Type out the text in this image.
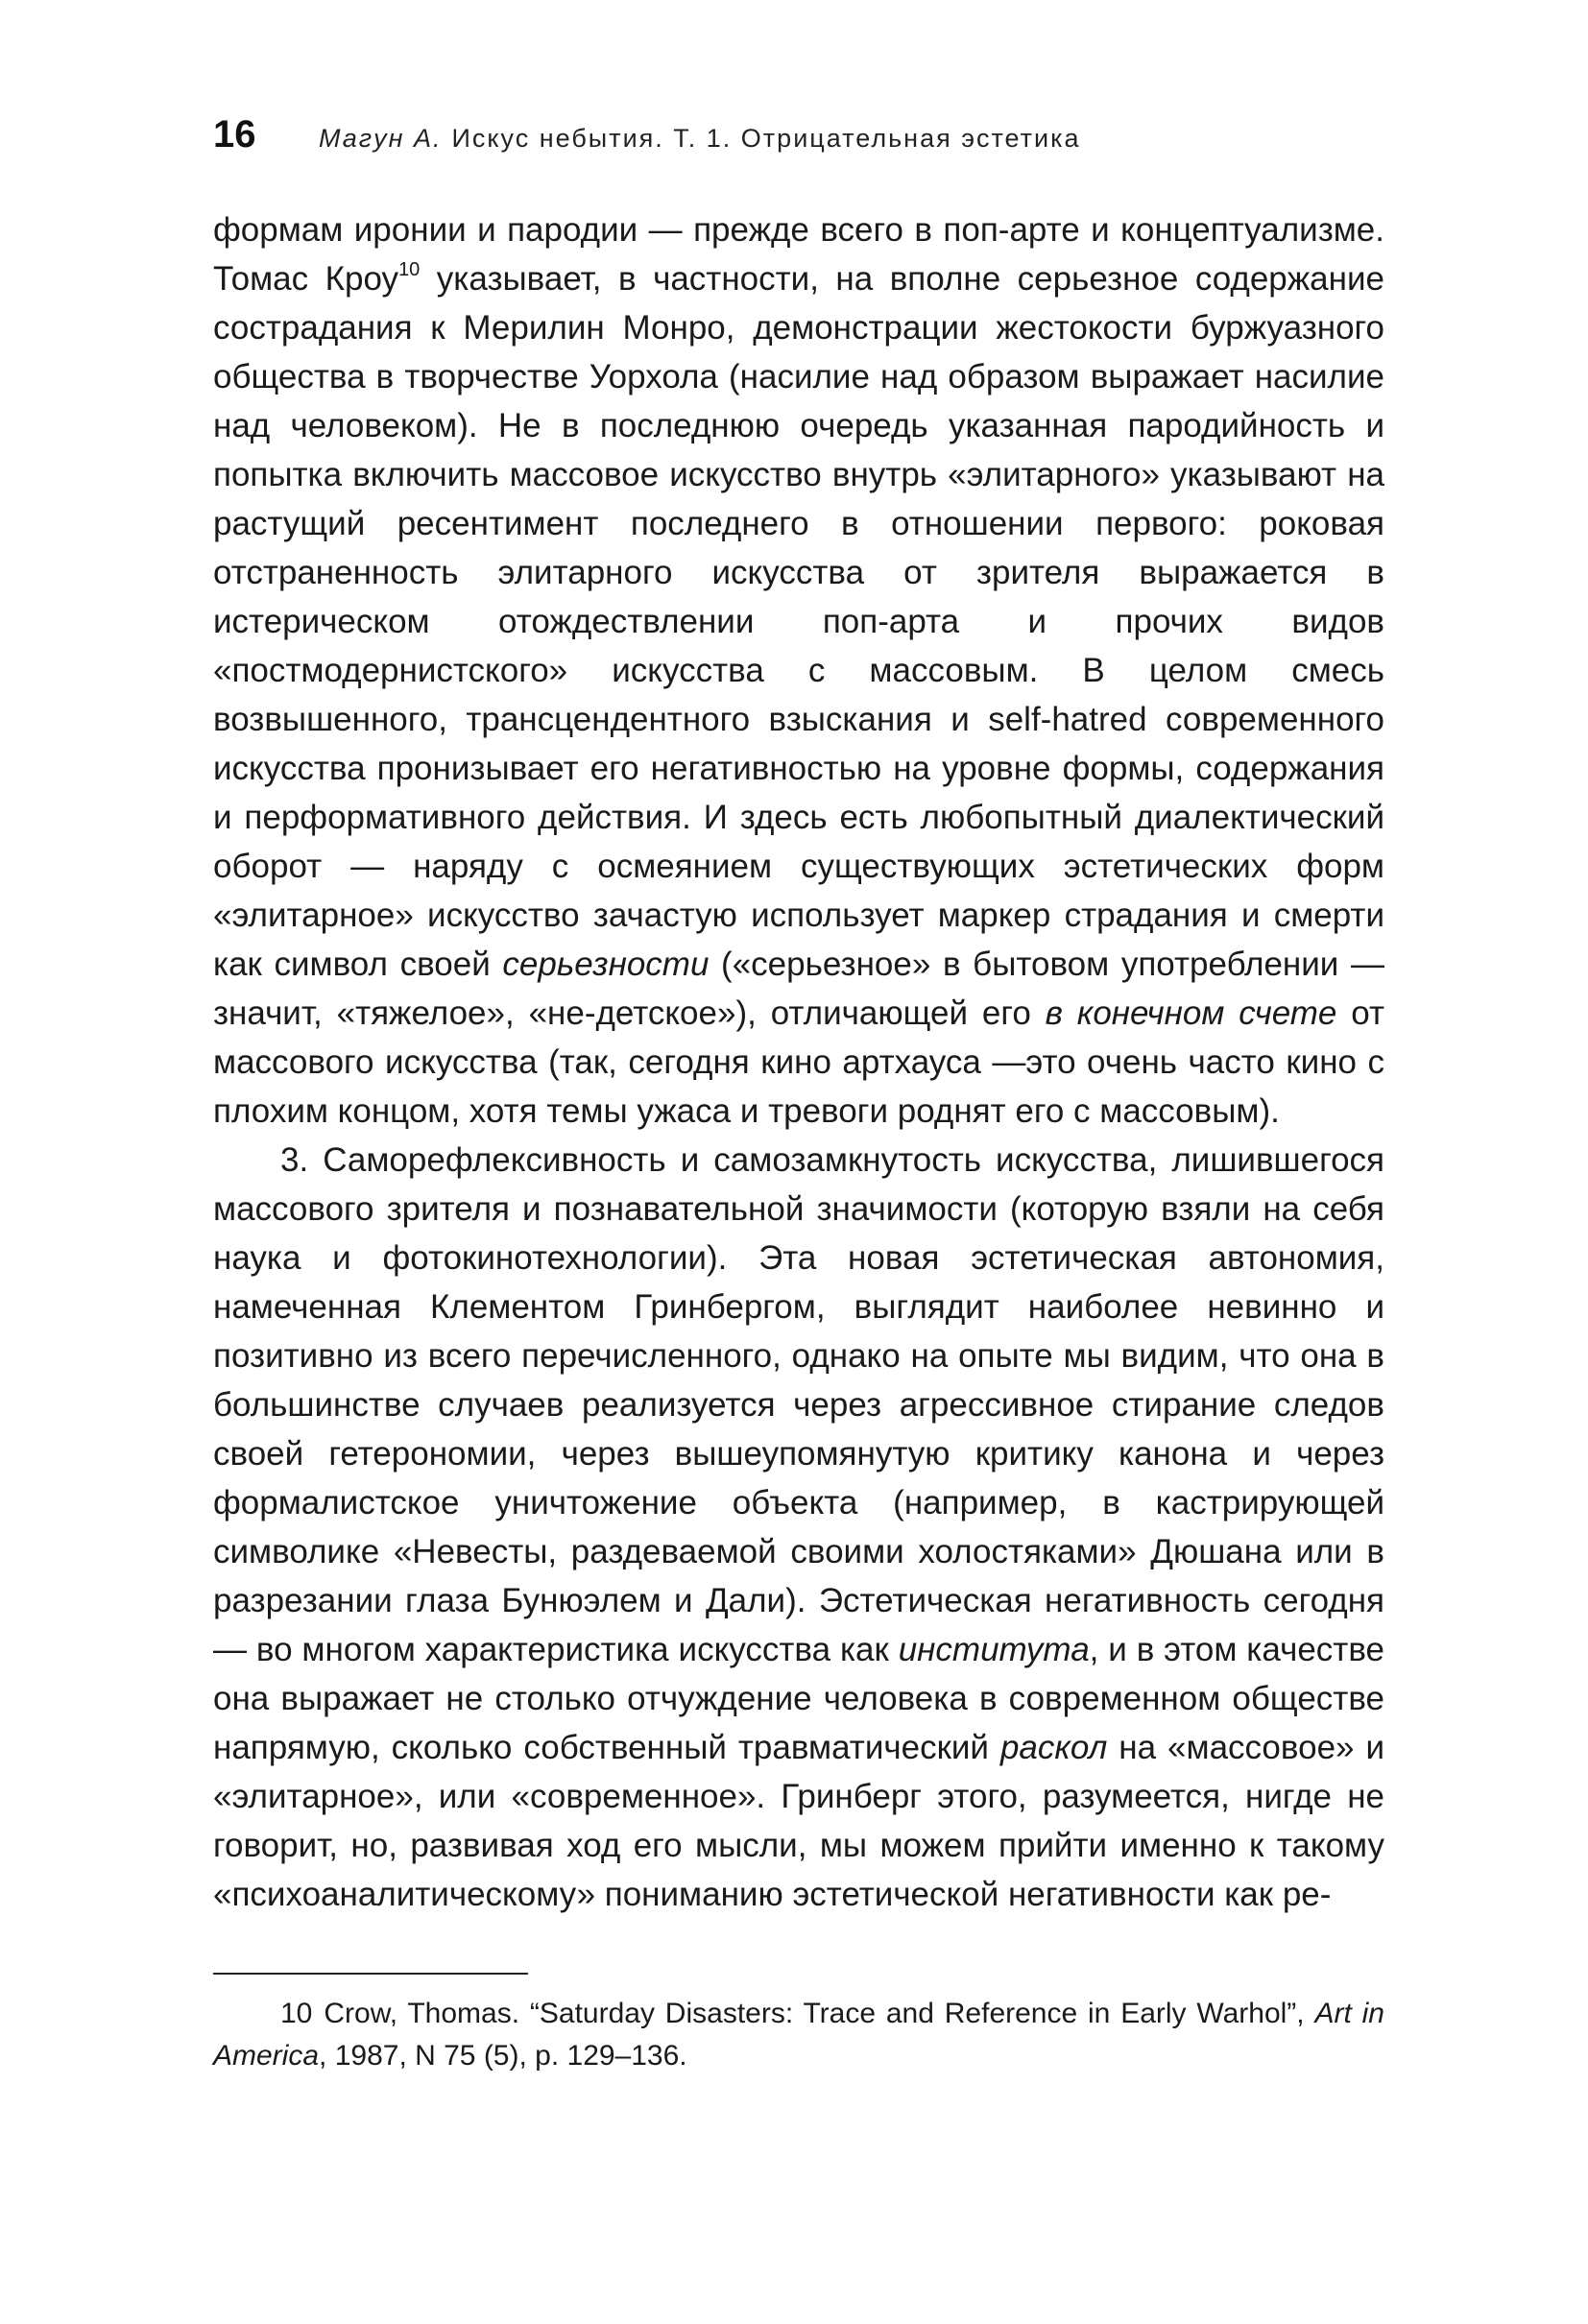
16	Магун А. Искус небытия. Т. 1. Отрицательная эстетика

формам иронии и пародии — прежде всего в поп-арте и концептуализме. Томас Кроу$^{10}$ указывает, в частности, на вполне серьезное содержание сострадания к Мерилин Монро, демонстрации жестокости буржуазного общества в творчестве Уорхола (насилие над образом выражает насилие над человеком). Не в последнюю очередь указанная пародийность и попытка включить массовое искусство внутрь «элитарного» указывают на растущий ресентимент последнего в отношении первого: роковая отстраненность элитарного искусства от зрителя выражается в истерическом отождествлении поп-арта и прочих видов «постмодернистского» искусства с массовым. В целом смесь возвышенного, трансцендентного взыскания и self-hatred современного искусства пронизывает его негативностью на уровне формы, содержания и перформативного действия. И здесь есть любопытный диалектический оборот — наряду с осмеянием существующих эстетических форм «элитарное» искусство зачастую использует маркер страдания и смерти как символ своей серьезности («серьезное» в бытовом употреблении — значит, «тяжелое», «не-детское»), отличающей его в конечном счете от массового искусства (так, сегодня кино артхауса —это очень часто кино с плохим концом, хотя темы ужаса и тревоги роднят его с массовым).

3. Саморефлексивность и самозамкнутость искусства, лишившегося массового зрителя и познавательной значимости (которую взяли на себя наука и фотокинотехнологии). Эта новая эстетическая автономия, намеченная Клементом Гринбергом, выглядит наиболее невинно и позитивно из всего перечисленного, однако на опыте мы видим, что она в большинстве случаев реализуется через агрессивное стирание следов своей гетерономии, через вышеупомянутую критику канона и через формалистское уничтожение объекта (например, в кастрирующей символике «Невесты, раздеваемой своими холостяками» Дюшана или в разрезании глаза Бунюэлем и Дали). Эстетическая негативность сегодня — во многом характеристика искусства как института, и в этом качестве она выражает не столько отчуждение человека в современном обществе напрямую, сколько собственный травматический раскол на «массовое» и «элитарное», или «современное». Гринберг этого, разумеется, нигде не говорит, но, развивая ход его мысли, мы можем прийти именно к такому «психоаналитическому» пониманию эстетической негативности как ре-

10 Crow, Thomas. “Saturday Disasters: Trace and Reference in Early Warhol”, Art in America, 1987, N 75 (5), p. 129–136.
